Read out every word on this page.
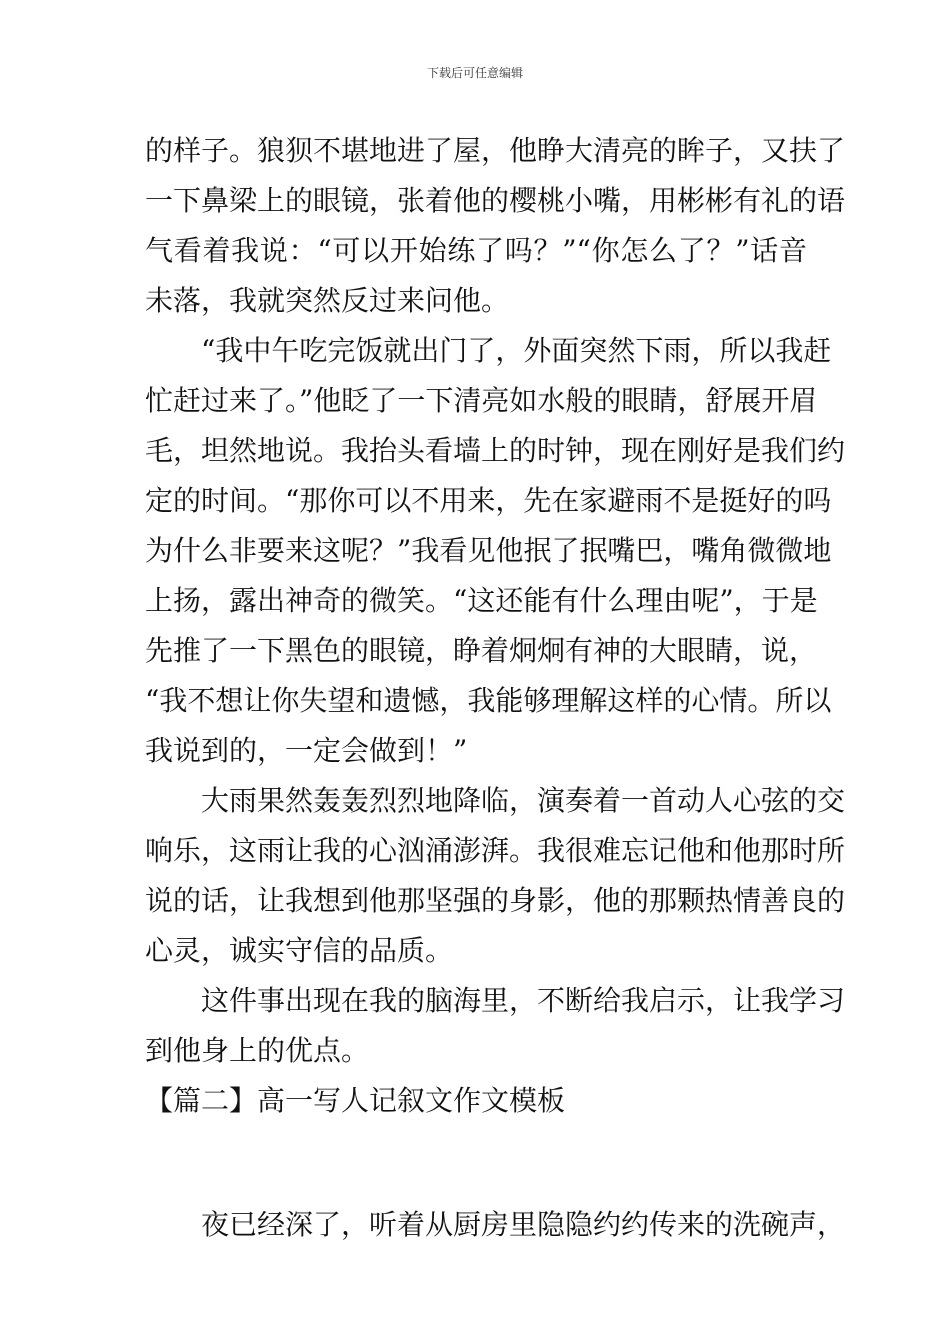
下载后可任意编辑
的样子。狼狈不堪地进了屋，他睁大清亮的眸子，又扶了
一下鼻梁上的眼镜，张着他的樱桃小嘴，用彬彬有礼的语
气看着我说：“可以开始练了吗？”“你怎么了？”话音
未落，我就突然反过来问他。
“我中午吃完饭就出门了，外面突然下雨，所以我赶
忙赶过来了。”他眨了一下清亮如水般的眼睛，舒展开眉
毛，坦然地说。我抬头看墙上的时钟，现在刚好是我们约
定的时间。“那你可以不用来，先在家避雨不是挺好的吗
为什么非要来这呢？”我看见他抿了抿嘴巴，嘴角微微地
上扬，露出神奇的微笑。“这还能有什么理由呢”，于是
先推了一下黑色的眼镜，睁着炯炯有神的大眼睛，说，
“我不想让你失望和遗憾，我能够理解这样的心情。所以
我说到的，一定会做到！”
大雨果然轰轰烈烈地降临，演奏着一首动人心弦的交
响乐，这雨让我的心汹涌澎湃。我很难忘记他和他那时所
说的话，让我想到他那坚强的身影，他的那颗热情善良的
心灵，诚实守信的品质。
这件事出现在我的脑海里，不断给我启示，让我学习
到他身上的优点。
【篇二】高一写人记叙文作文模板
夜已经深了，听着从厨房里隐隐约约传来的洗碗声，
